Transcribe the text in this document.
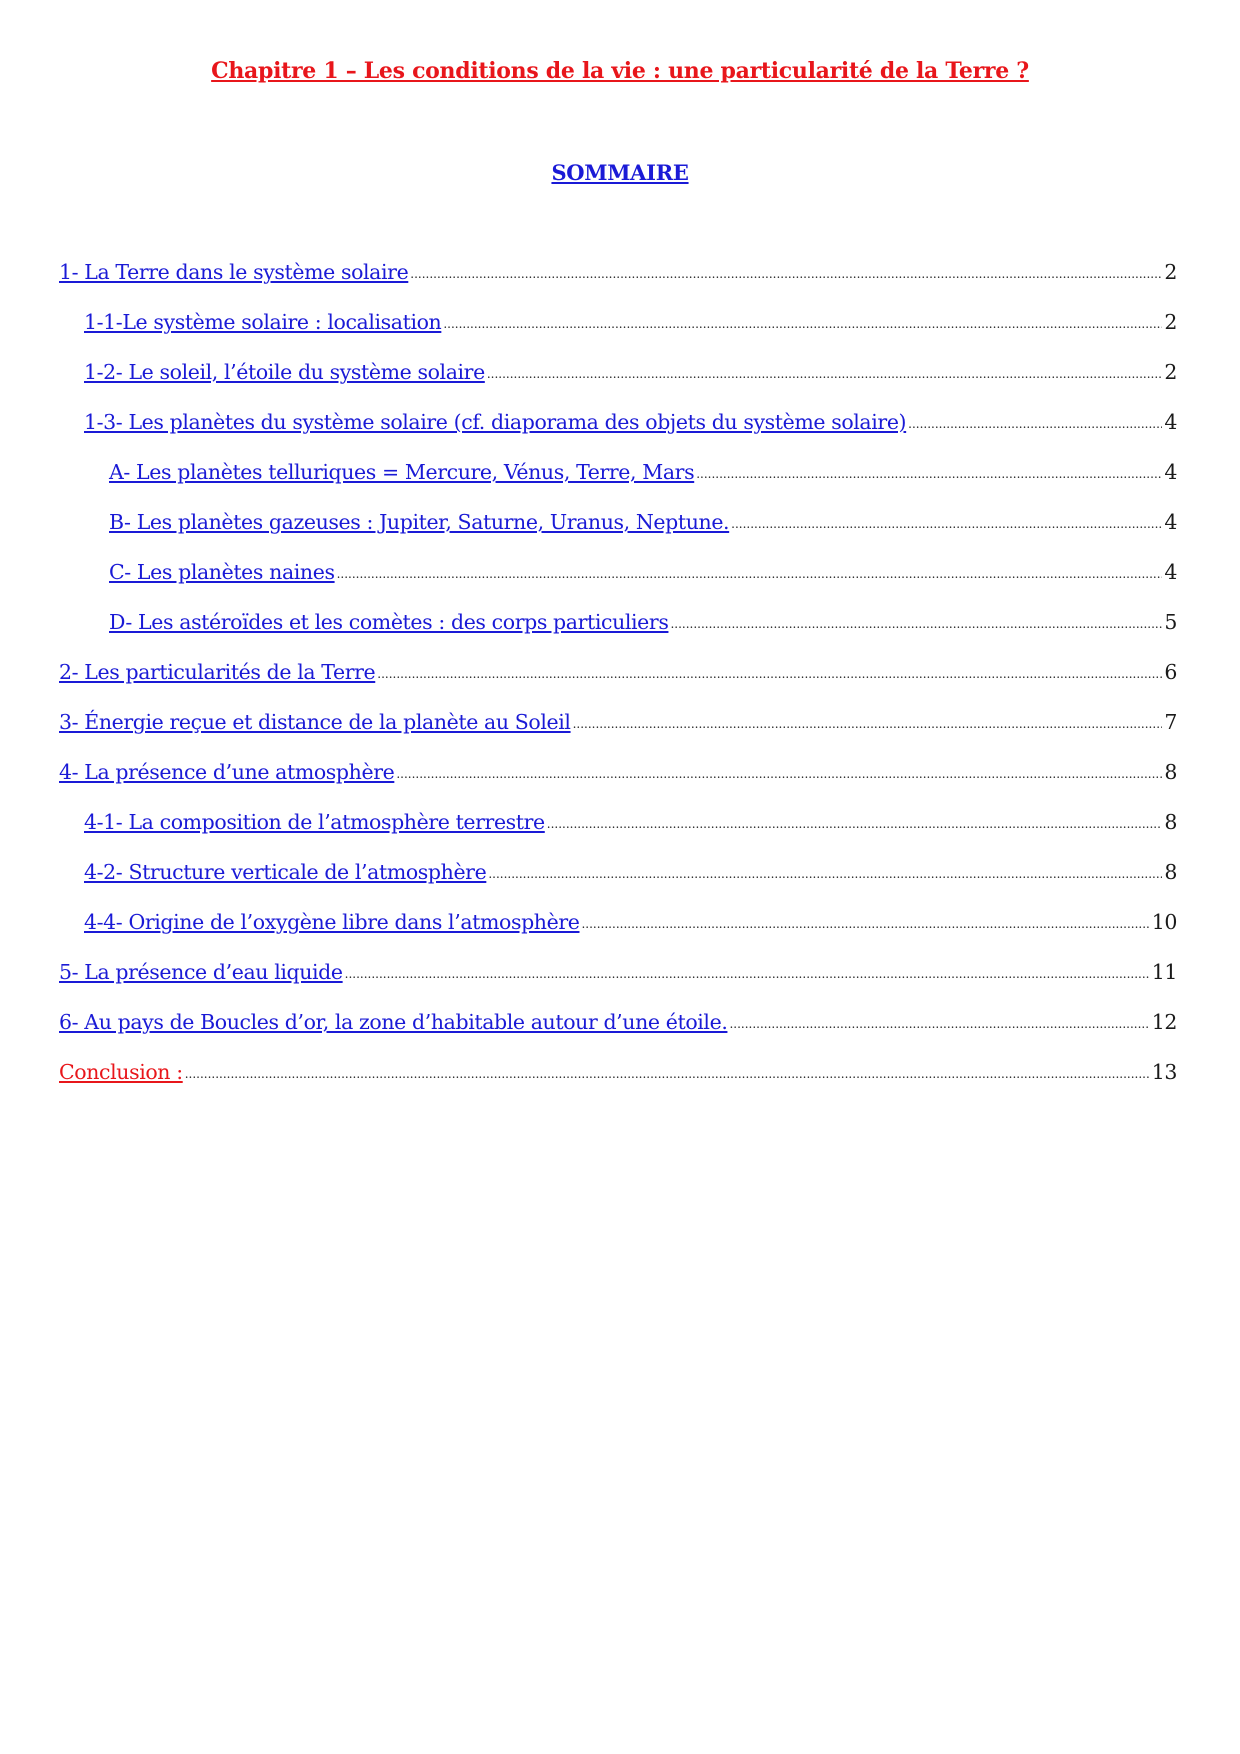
Chapitre 1 – Les conditions de la vie : une particularité de la Terre ?
SOMMAIRE
1- La Terre dans le système solaire .....	2
1-1-Le système solaire : localisation .....	2
1-2- Le soleil, l’étoile du système solaire .....	2
1-3- Les planètes du système solaire (cf. diaporama des objets du système solaire) .....	4
A- Les planètes telluriques = Mercure, Vénus, Terre, Mars .....	4
B- Les planètes gazeuses : Jupiter, Saturne, Uranus, Neptune. .....	4
C- Les planètes naines .....	4
D- Les astéroïdes et les comètes : des corps particuliers .....	5
2- Les particularités de la Terre .....	6
3- Énergie reçue et distance de la planète au Soleil .....	7
4- La présence d’une atmosphère .....	8
4-1- La composition de l’atmosphère terrestre .....	8
4-2- Structure verticale de l’atmosphère .....	8
4-4- Origine de l’oxygène libre dans l’atmosphère .....	10
5- La présence d’eau liquide .....	11
6- Au pays de Boucles d’or, la zone d’habitable autour d’une étoile. .....	12
Conclusion : .....	13
